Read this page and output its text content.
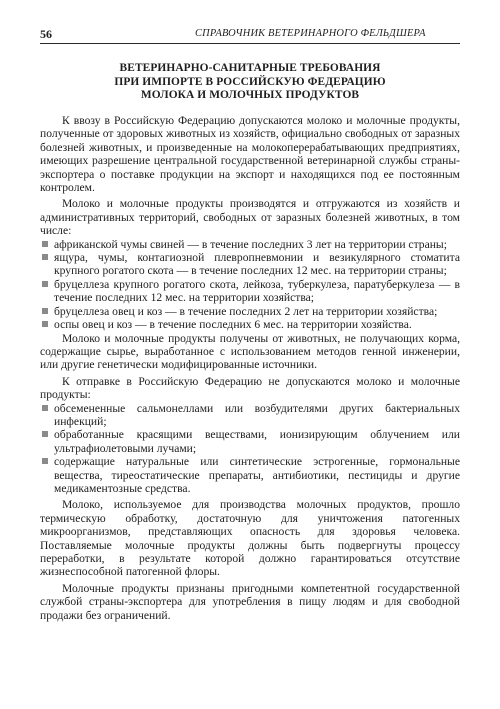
56	СПРАВОЧНИК ВЕТЕРИНАРНОГО ФЕЛЬДШЕРА
ВЕТЕРИНАРНО-САНИТАРНЫЕ ТРЕБОВАНИЯ
ПРИ ИМПОРТЕ В РОССИЙСКУЮ ФЕДЕРАЦИЮ
МОЛОКА И МОЛОЧНЫХ ПРОДУКТОВ

К ввозу в Российскую Федерацию допускаются молоко и молочные продукты, полученные от здоровых животных из хозяйств, официально свободных от заразных болезней животных, и произведенные на молокоперерабатывающих предприятиях, имеющих разрешение центральной государственной ветеринарной службы страны-экспортера о поставке продукции на экспорт и находящихся под ее постоянным контролем.

Молоко и молочные продукты производятся и отгружаются из хозяйств и административных территорий, свободных от заразных болезней животных, в том числе:

африканской чумы свиней — в течение последних 3 лет на территории страны;
ящура, чумы, контагиозной плевропневмонии и везикулярного стоматита крупного рогатого скота — в течение последних 12 мес. на территории страны;
бруцеллеза крупного рогатого скота, лейкоза, туберкулеза, паратуберкулеза — в течение последних 12 мес. на территории хозяйства;
бруцеллеза овец и коз — в течение последних 2 лет на территории хозяйства;
оспы овец и коз — в течение последних 6 мес. на территории хозяйства.

Молоко и молочные продукты получены от животных, не получающих корма, содержащие сырье, выработанное с использованием методов генной инженерии, или другие генетически модифицированные источники.

К отправке в Российскую Федерацию не допускаются молоко и молочные продукты:

обсемененные сальмонеллами или возбудителями других бактериальных инфекций;
обработанные красящими веществами, ионизирующим облучением или ультрафиолетовыми лучами;
содержащие натуральные или синтетические эстрогенные, гормональные вещества, тиреостатические препараты, антибиотики, пестициды и другие медикаментозные средства.

Молоко, используемое для производства молочных продуктов, прошло термическую обработку, достаточную для уничтожения патогенных микроорганизмов, представляющих опасность для здоровья человека. Поставляемые молочные продукты должны быть подвергнуты процессу переработки, в результате которой должно гарантироваться отсутствие жизнеспособной патогенной флоры.

Молочные продукты признаны пригодными компетентной государственной службой страны-экспортера для употребления в пищу людям и для свободной продажи без ограничений.
